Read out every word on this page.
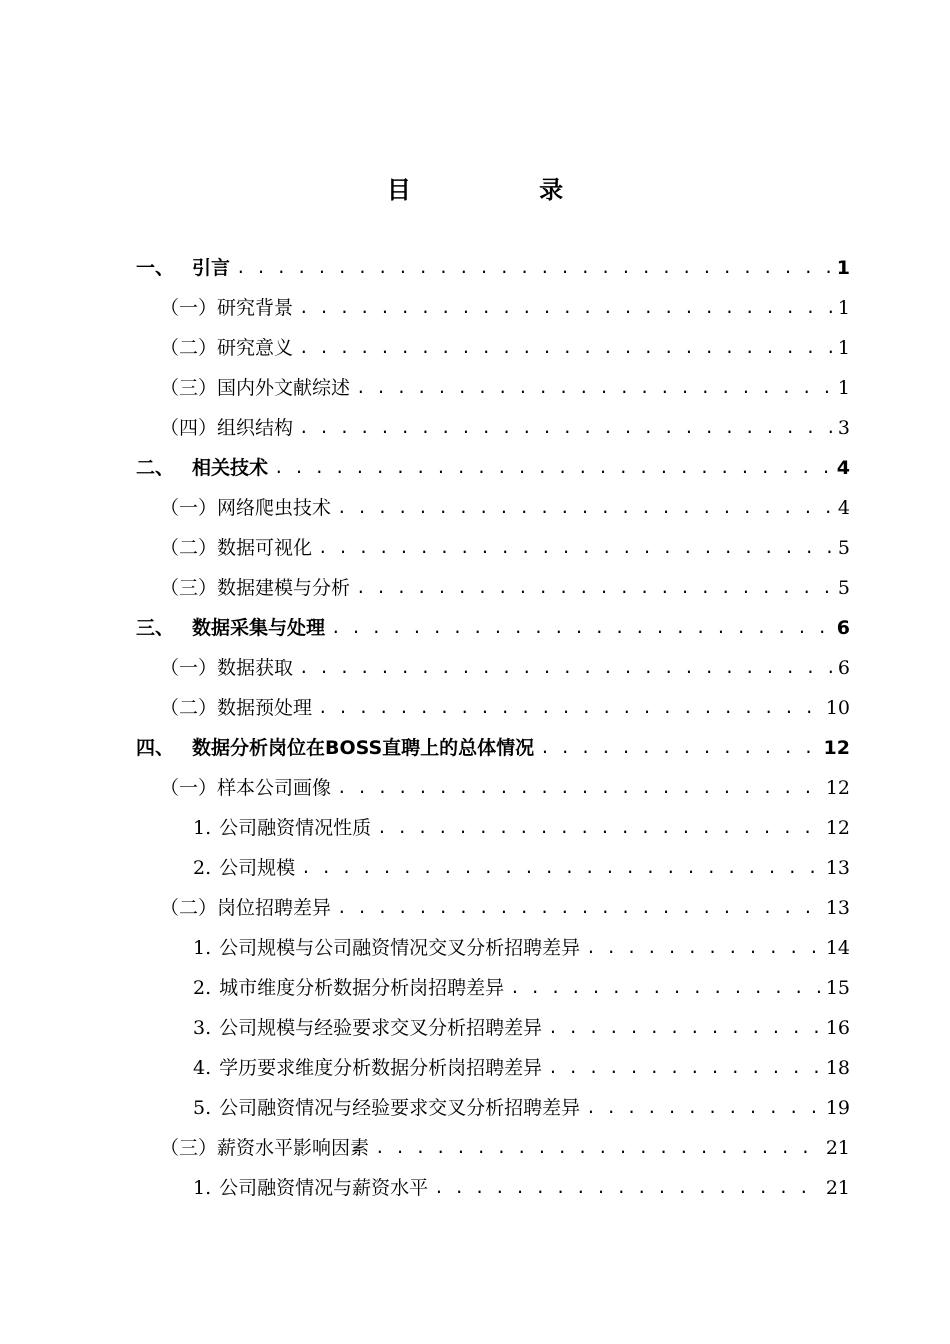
目 录
一、 引言 . . .	1
（一） 研究背景 . . .	1
（二） 研究意义 . . .	1
（三） 国内外文献综述 . . .	1
（四） 组织结构 . . .	3
二、 相关技术 . . .	4
（一） 网络爬虫技术 . . .	4
（二） 数据可视化 . . .	5
（三） 数据建模与分析 . . .	5
三、 数据采集与处理 . . .	6
（一） 数据获取 . . .	6
（二） 数据预处理 . . .	10
四、 数据分析岗位在BOSS直聘上的总体情况 . . .	12
（一） 样本公司画像 . . .	12
1. 公司融资情况性质 . . .	12
2. 公司规模 . . .	13
（二） 岗位招聘差异 . . .	13
1. 公司规模与公司融资情况交叉分析招聘差异 . . .	14
2. 城市维度分析数据分析岗招聘差异 . . .	15
3. 公司规模与经验要求交叉分析招聘差异 . . .	16
4. 学历要求维度分析数据分析岗招聘差异 . . .	18
5. 公司融资情况与经验要求交叉分析招聘差异 . . .	19
（三） 薪资水平影响因素 . . .	21
1. 公司融资情况与薪资水平 . . .	21
